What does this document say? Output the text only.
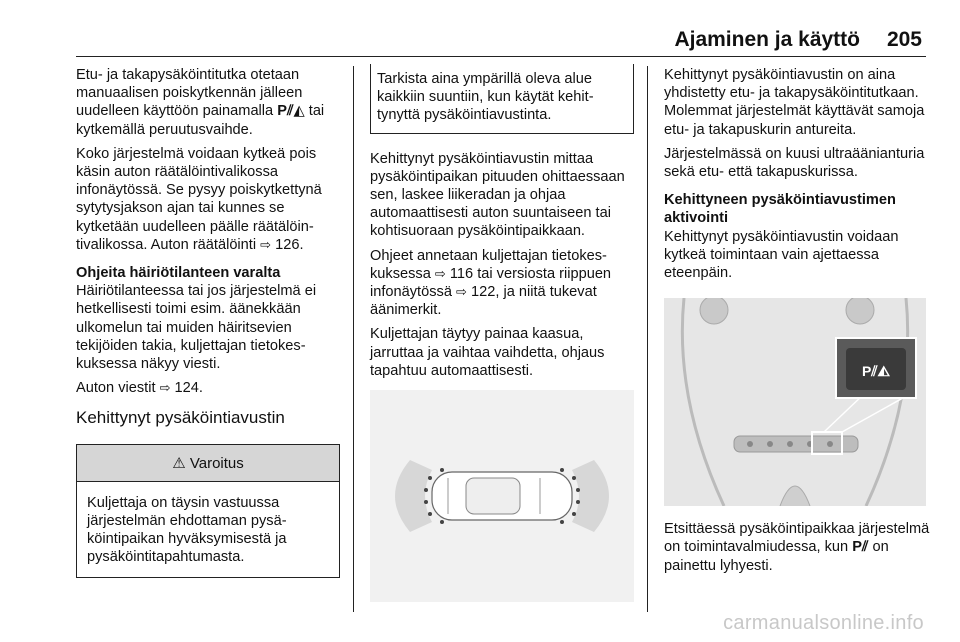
Ajaminen ja käyttö 205

Etu- ja takapysäköintitutka otetaan manuaalisen poiskytkennän jälleen uudelleen käyttöön painamalla P⫽◭ tai kytkemällä peruutusvaihde.

Koko järjestelmä voidaan kytkeä pois käsin auton räätälöintivalikossa infonäytössä. Se pysyy poiskytkettynä sytytysjakson ajan tai kunnes se kytketään uudelleen päälle räätälöintivalikossa. Auton räätälöinti ⇨ 126.

Ohjeita häiriötilanteen varalta

Häiriötilanteessa tai jos järjestelmä ei hetkellisesti toimi esim. äänekkään ulkomelun tai muiden häiritsevien tekijöiden takia, kuljettajan tietokeskuksessa näkyy viesti.

Auton viestit ⇨ 124.

Kehittynyt pysäköintiavustin
⚠ Varoitus
Kuljettaja on täysin vastuussa järjestelmän ehdottaman pysäköintipaikan hyväksymisestä ja pysäköintitapahtumasta.
Tarkista aina ympärillä oleva alue kaikkiin suuntiin, kun käytät kehittynyttä pysäköintiavustinta.

Kehittynyt pysäköintiavustin mittaa pysäköintipaikan pituuden ohittaessaan sen, laskee liikeradan ja ohjaa automaattisesti auton suuntaiseen tai kohtisuoraan pysäköintipaikkaan.

Ohjeet annetaan kuljettajan tietokeskuksessa ⇨ 116 tai versiosta riippuen infonäytössä ⇨ 122, ja niitä tukevat äänimerkit.

Kuljettajan täytyy painaa kaasua, jarruttaa ja vaihtaa vaihdetta, ohjaus tapahtuu automaattisesti.

Kehittynyt pysäköintiavustin on aina yhdistetty etu- ja takapysäköintitutkaan. Molemmat järjestelmät käyttävät samoja etu- ja takapuskurin antureita.

Järjestelmässä on kuusi ultraäänianturia sekä etu- että takapuskurissa.

Kehittyneen pysäköintiavustimen aktivointi

Kehittynyt pysäköintiavustin voidaan kytkeä toimintaan vain ajettaessa eteenpäin.

P⫽◭

Etsittäessä pysäköintipaikkaa järjestelmä on toimintavalmiudessa, kun P⫽ on painettu lyhyesti.

carmanualsonline.info
